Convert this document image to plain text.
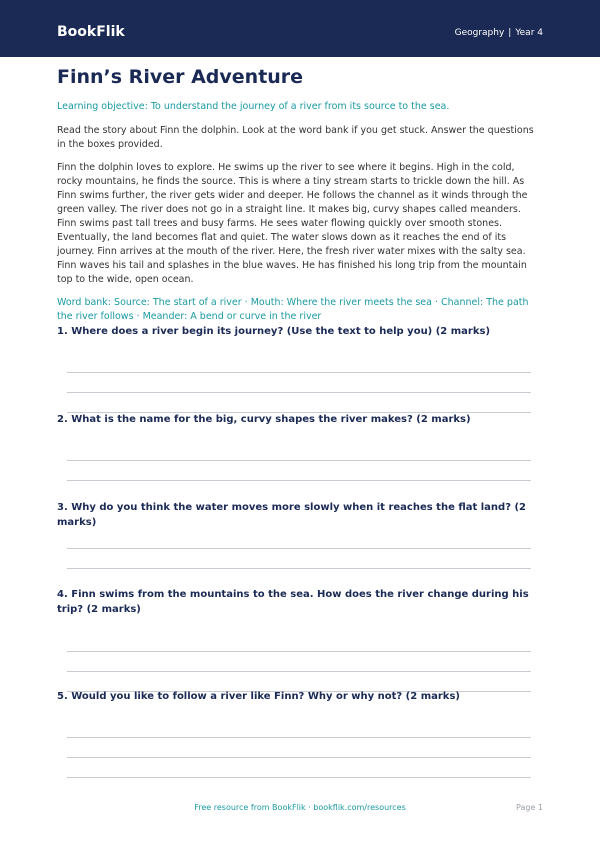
BookFlik	Geography | Year 4
Finn’s River Adventure
Learning objective: To understand the journey of a river from its source to the sea.
Read the story about Finn the dolphin. Look at the word bank if you get stuck. Answer the questions in the boxes provided.
Finn the dolphin loves to explore. He swims up the river to see where it begins. High in the cold, rocky mountains, he finds the source. This is where a tiny stream starts to trickle down the hill. As Finn swims further, the river gets wider and deeper. He follows the channel as it winds through the green valley. The river does not go in a straight line. It makes big, curvy shapes called meanders. Finn swims past tall trees and busy farms. He sees water flowing quickly over smooth stones. Eventually, the land becomes flat and quiet. The water slows down as it reaches the end of its journey. Finn arrives at the mouth of the river. Here, the fresh river water mixes with the salty sea. Finn waves his tail and splashes in the blue waves. He has finished his long trip from the mountain top to the wide, open ocean.
Word bank: Source: The start of a river · Mouth: Where the river meets the sea · Channel: The path the river follows · Meander: A bend or curve in the river
1. Where does a river begin its journey? (Use the text to help you) (2 marks)
2. What is the name for the big, curvy shapes the river makes? (2 marks)
3. Why do you think the water moves more slowly when it reaches the flat land? (2 marks)
4. Finn swims from the mountains to the sea. How does the river change during his trip? (2 marks)
5. Would you like to follow a river like Finn? Why or why not? (2 marks)
Free resource from BookFlik · bookflik.com/resources	Page 1
